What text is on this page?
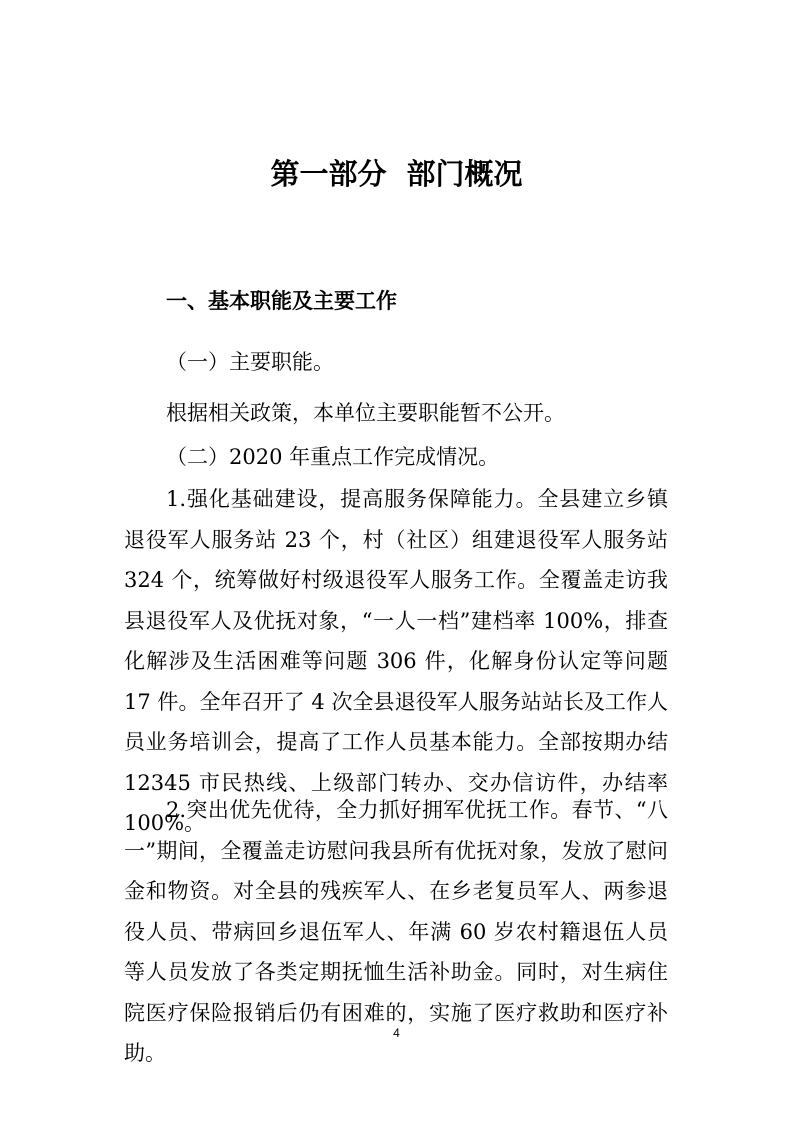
第一部分 部门概况
一、基本职能及主要工作

（一）主要职能。

根据相关政策，本单位主要职能暂不公开。

（二）2020 年重点工作完成情况。

1.强化基础建设，提高服务保障能力。全县建立乡镇退役军人服务站 23 个，村（社区）组建退役军人服务站 324 个，统筹做好村级退役军人服务工作。全覆盖走访我县退役军人及优抚对象，“一人一档”建档率 100%，排查化解涉及生活困难等问题 306 件，化解身份认定等问题 17 件。全年召开了 4 次全县退役军人服务站站长及工作人员业务培训会，提高了工作人员基本能力。全部按期办结 12345 市民热线、上级部门转办、交办信访件，办结率 100%。

2.突出优先优待，全力抓好拥军优抚工作。春节、“八一”期间，全覆盖走访慰问我县所有优抚对象，发放了慰问金和物资。对全县的残疾军人、在乡老复员军人、两参退役人员、带病回乡退伍军人、年满 60 岁农村籍退伍人员等人员发放了各类定期抚恤生活补助金。同时，对生病住院医疗保险报销后仍有困难的，实施了医疗救助和医疗补助。

4
